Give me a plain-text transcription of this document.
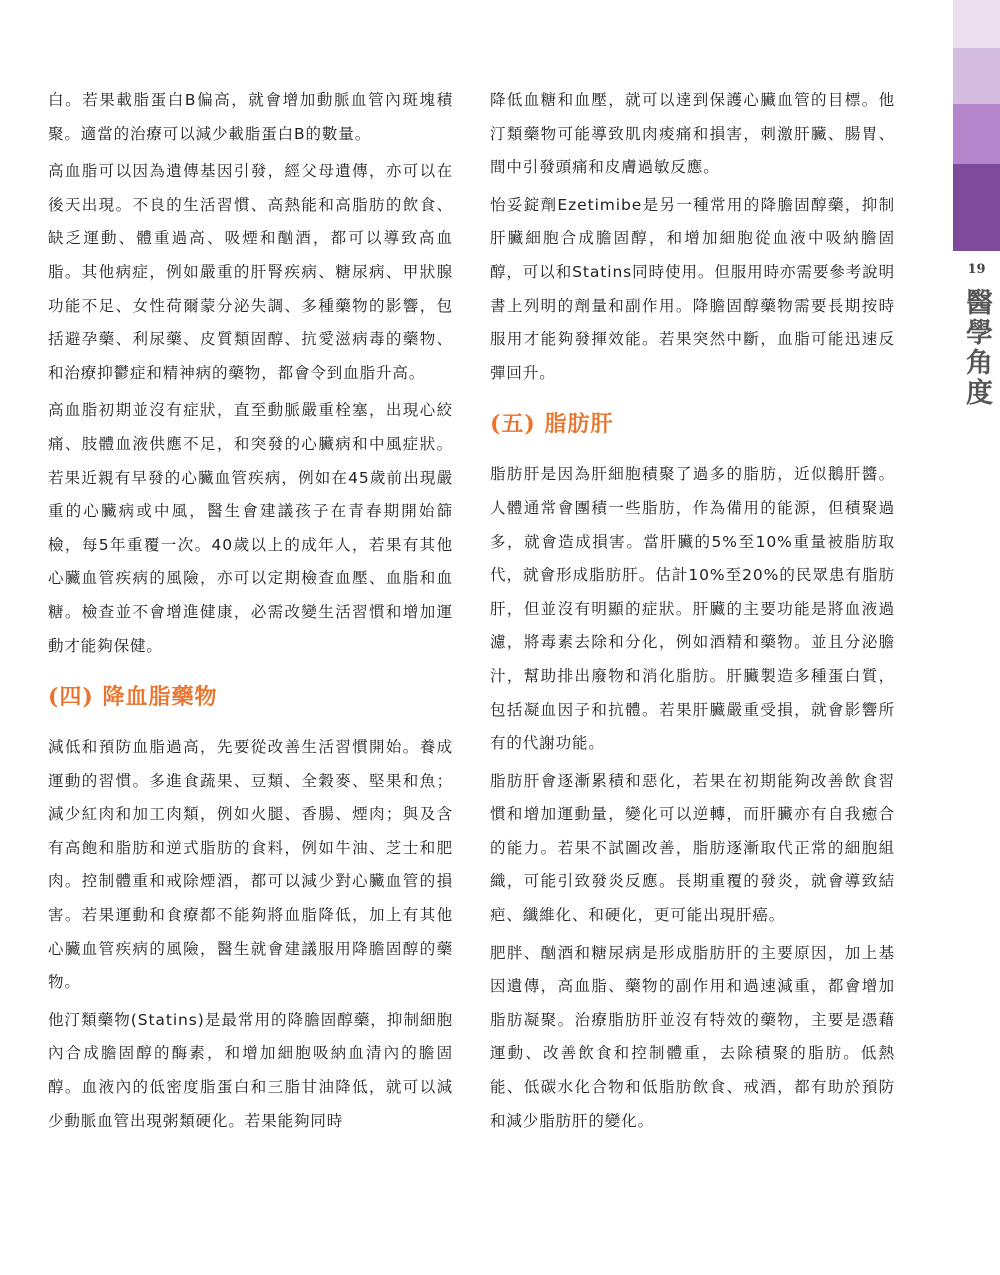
白。若果載脂蛋白B偏高，就會增加動脈血管內斑塊積聚。適當的治療可以減少載脂蛋白B的數量。

高血脂可以因為遺傳基因引發，經父母遺傳，亦可以在後天出現。不良的生活習慣、高熱能和高脂肪的飲食、缺乏運動、體重過高、吸煙和酗酒，都可以導致高血脂。其他病症，例如嚴重的肝腎疾病、糖尿病、甲狀腺功能不足、女性荷爾蒙分泌失調、多種藥物的影響，包括避孕藥、利尿藥、皮質類固醇、抗愛滋病毒的藥物、和治療抑鬱症和精神病的藥物，都會令到血脂升高。

高血脂初期並沒有症狀，直至動脈嚴重栓塞，出現心絞痛、肢體血液供應不足，和突發的心臟病和中風症狀。若果近親有早發的心臟血管疾病，例如在45歲前出現嚴重的心臟病或中風，醫生會建議孩子在青春期開始篩檢，每5年重覆一次。40歲以上的成年人，若果有其他心臟血管疾病的風險，亦可以定期檢查血壓、血脂和血糖。檢查並不會增進健康，必需改變生活習慣和增加運動才能夠保健。

(四) 降血脂藥物

減低和預防血脂過高，先要從改善生活習慣開始。養成運動的習慣。多進食蔬果、豆類、全穀麥、堅果和魚；減少紅肉和加工肉類，例如火腿、香腸、煙肉；與及含有高飽和脂肪和逆式脂肪的食料，例如牛油、芝士和肥肉。控制體重和戒除煙酒，都可以減少對心臟血管的損害。若果運動和食療都不能夠將血脂降低，加上有其他心臟血管疾病的風險，醫生就會建議服用降膽固醇的藥物。

他汀類藥物(Statins)是最常用的降膽固醇藥，抑制細胞內合成膽固醇的酶素，和增加細胞吸納血清內的膽固醇。血液內的低密度脂蛋白和三脂甘油降低，就可以減少動脈血管出現粥類硬化。若果能夠同時

降低血糖和血壓，就可以達到保護心臟血管的目標。他汀類藥物可能導致肌肉痠痛和損害，刺激肝臟、腸胃、間中引發頭痛和皮膚過敏反應。

怡妥錠劑Ezetimibe是另一種常用的降膽固醇藥，抑制肝臟細胞合成膽固醇，和增加細胞從血液中吸納膽固醇，可以和Statins同時使用。但服用時亦需要參考說明書上列明的劑量和副作用。降膽固醇藥物需要長期按時服用才能夠發揮效能。若果突然中斷，血脂可能迅速反彈回升。

(五) 脂肪肝

脂肪肝是因為肝細胞積聚了過多的脂肪，近似鵝肝醬。人體通常會團積一些脂肪，作為備用的能源，但積聚過多，就會造成損害。當肝臟的5%至10%重量被脂肪取代，就會形成脂肪肝。估計10%至20%的民眾患有脂肪肝，但並沒有明顯的症狀。肝臟的主要功能是將血液過濾，將毒素去除和分化，例如酒精和藥物。並且分泌膽汁，幫助排出廢物和消化脂肪。肝臟製造多種蛋白質，包括凝血因子和抗體。若果肝臟嚴重受損，就會影響所有的代謝功能。

脂肪肝會逐漸累積和惡化，若果在初期能夠改善飲食習慣和增加運動量，變化可以逆轉，而肝臟亦有自我癒合的能力。若果不試圖改善，脂肪逐漸取代正常的細胞組織，可能引致發炎反應。長期重覆的發炎，就會導致結疤、纖維化、和硬化，更可能出現肝癌。

肥胖、酗酒和糖尿病是形成脂肪肝的主要原因，加上基因遺傳，高血脂、藥物的副作用和過速減重，都會增加脂肪凝聚。治療脂肪肝並沒有特效的藥物，主要是憑藉運動、改善飲食和控制體重，去除積聚的脂肪。低熱能、低碳水化合物和低脂肪飲食、戒酒，都有助於預防和減少脂肪肝的變化。

19
醫學角度
